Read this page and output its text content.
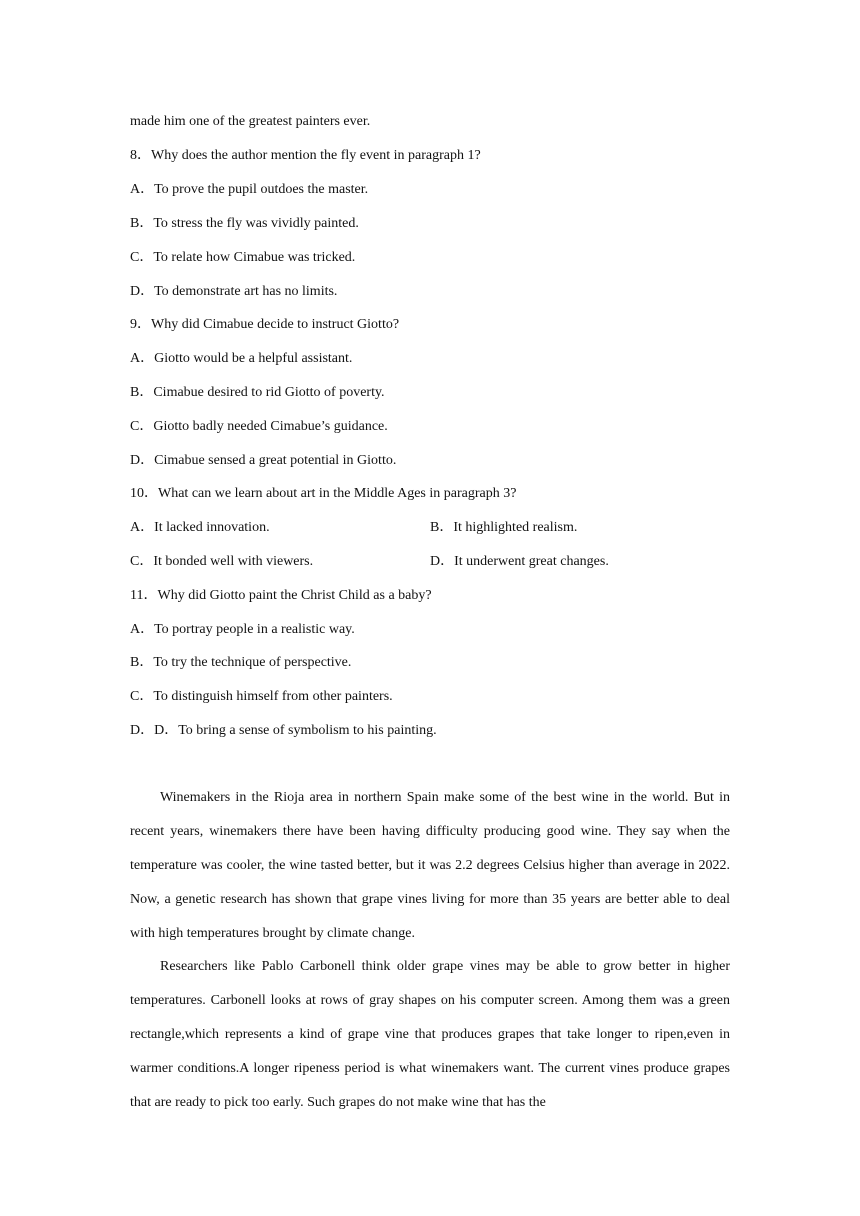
made him one of the greatest painters ever.
8．Why does the author mention the fly event in paragraph 1?
A．To prove the pupil outdoes the master.
B．To stress the fly was vividly painted.
C．To relate how Cimabue was tricked.
D．To demonstrate art has no limits.
9．Why did Cimabue decide to instruct Giotto?
A．Giotto would be a helpful assistant.
B．Cimabue desired to rid Giotto of poverty.
C．Giotto badly needed Cimabue’s guidance.
D．Cimabue sensed a great potential in Giotto.
10．What can we learn about art in the Middle Ages in paragraph 3?
A．It lacked innovation.	B．It highlighted realism.
C．It bonded well with viewers.	D．It underwent great changes.
11．Why did Giotto paint the Christ Child as a baby?
A．To portray people in a realistic way.
B．To try the technique of perspective.
C．To distinguish himself from other painters.
D．D．To bring a sense of symbolism to his painting.

Winemakers in the Rioja area in northern Spain make some of the best wine in the world. But in recent years, winemakers there have been having difficulty producing good wine. They say when the temperature was cooler, the wine tasted better, but it was 2.2 degrees Celsius higher than average in 2022. Now, a genetic research has shown that grape vines living for more than 35 years are better able to deal with high temperatures brought by climate change.

Researchers like Pablo Carbonell think older grape vines may be able to grow better in higher temperatures. Carbonell looks at rows of gray shapes on his computer screen. Among them was a green rectangle,which represents a kind of grape vine that produces grapes that take longer to ripen,even in warmer conditions.A longer ripeness period is what winemakers want. The current vines produce grapes that are ready to pick too early. Such grapes do not make wine that has the
